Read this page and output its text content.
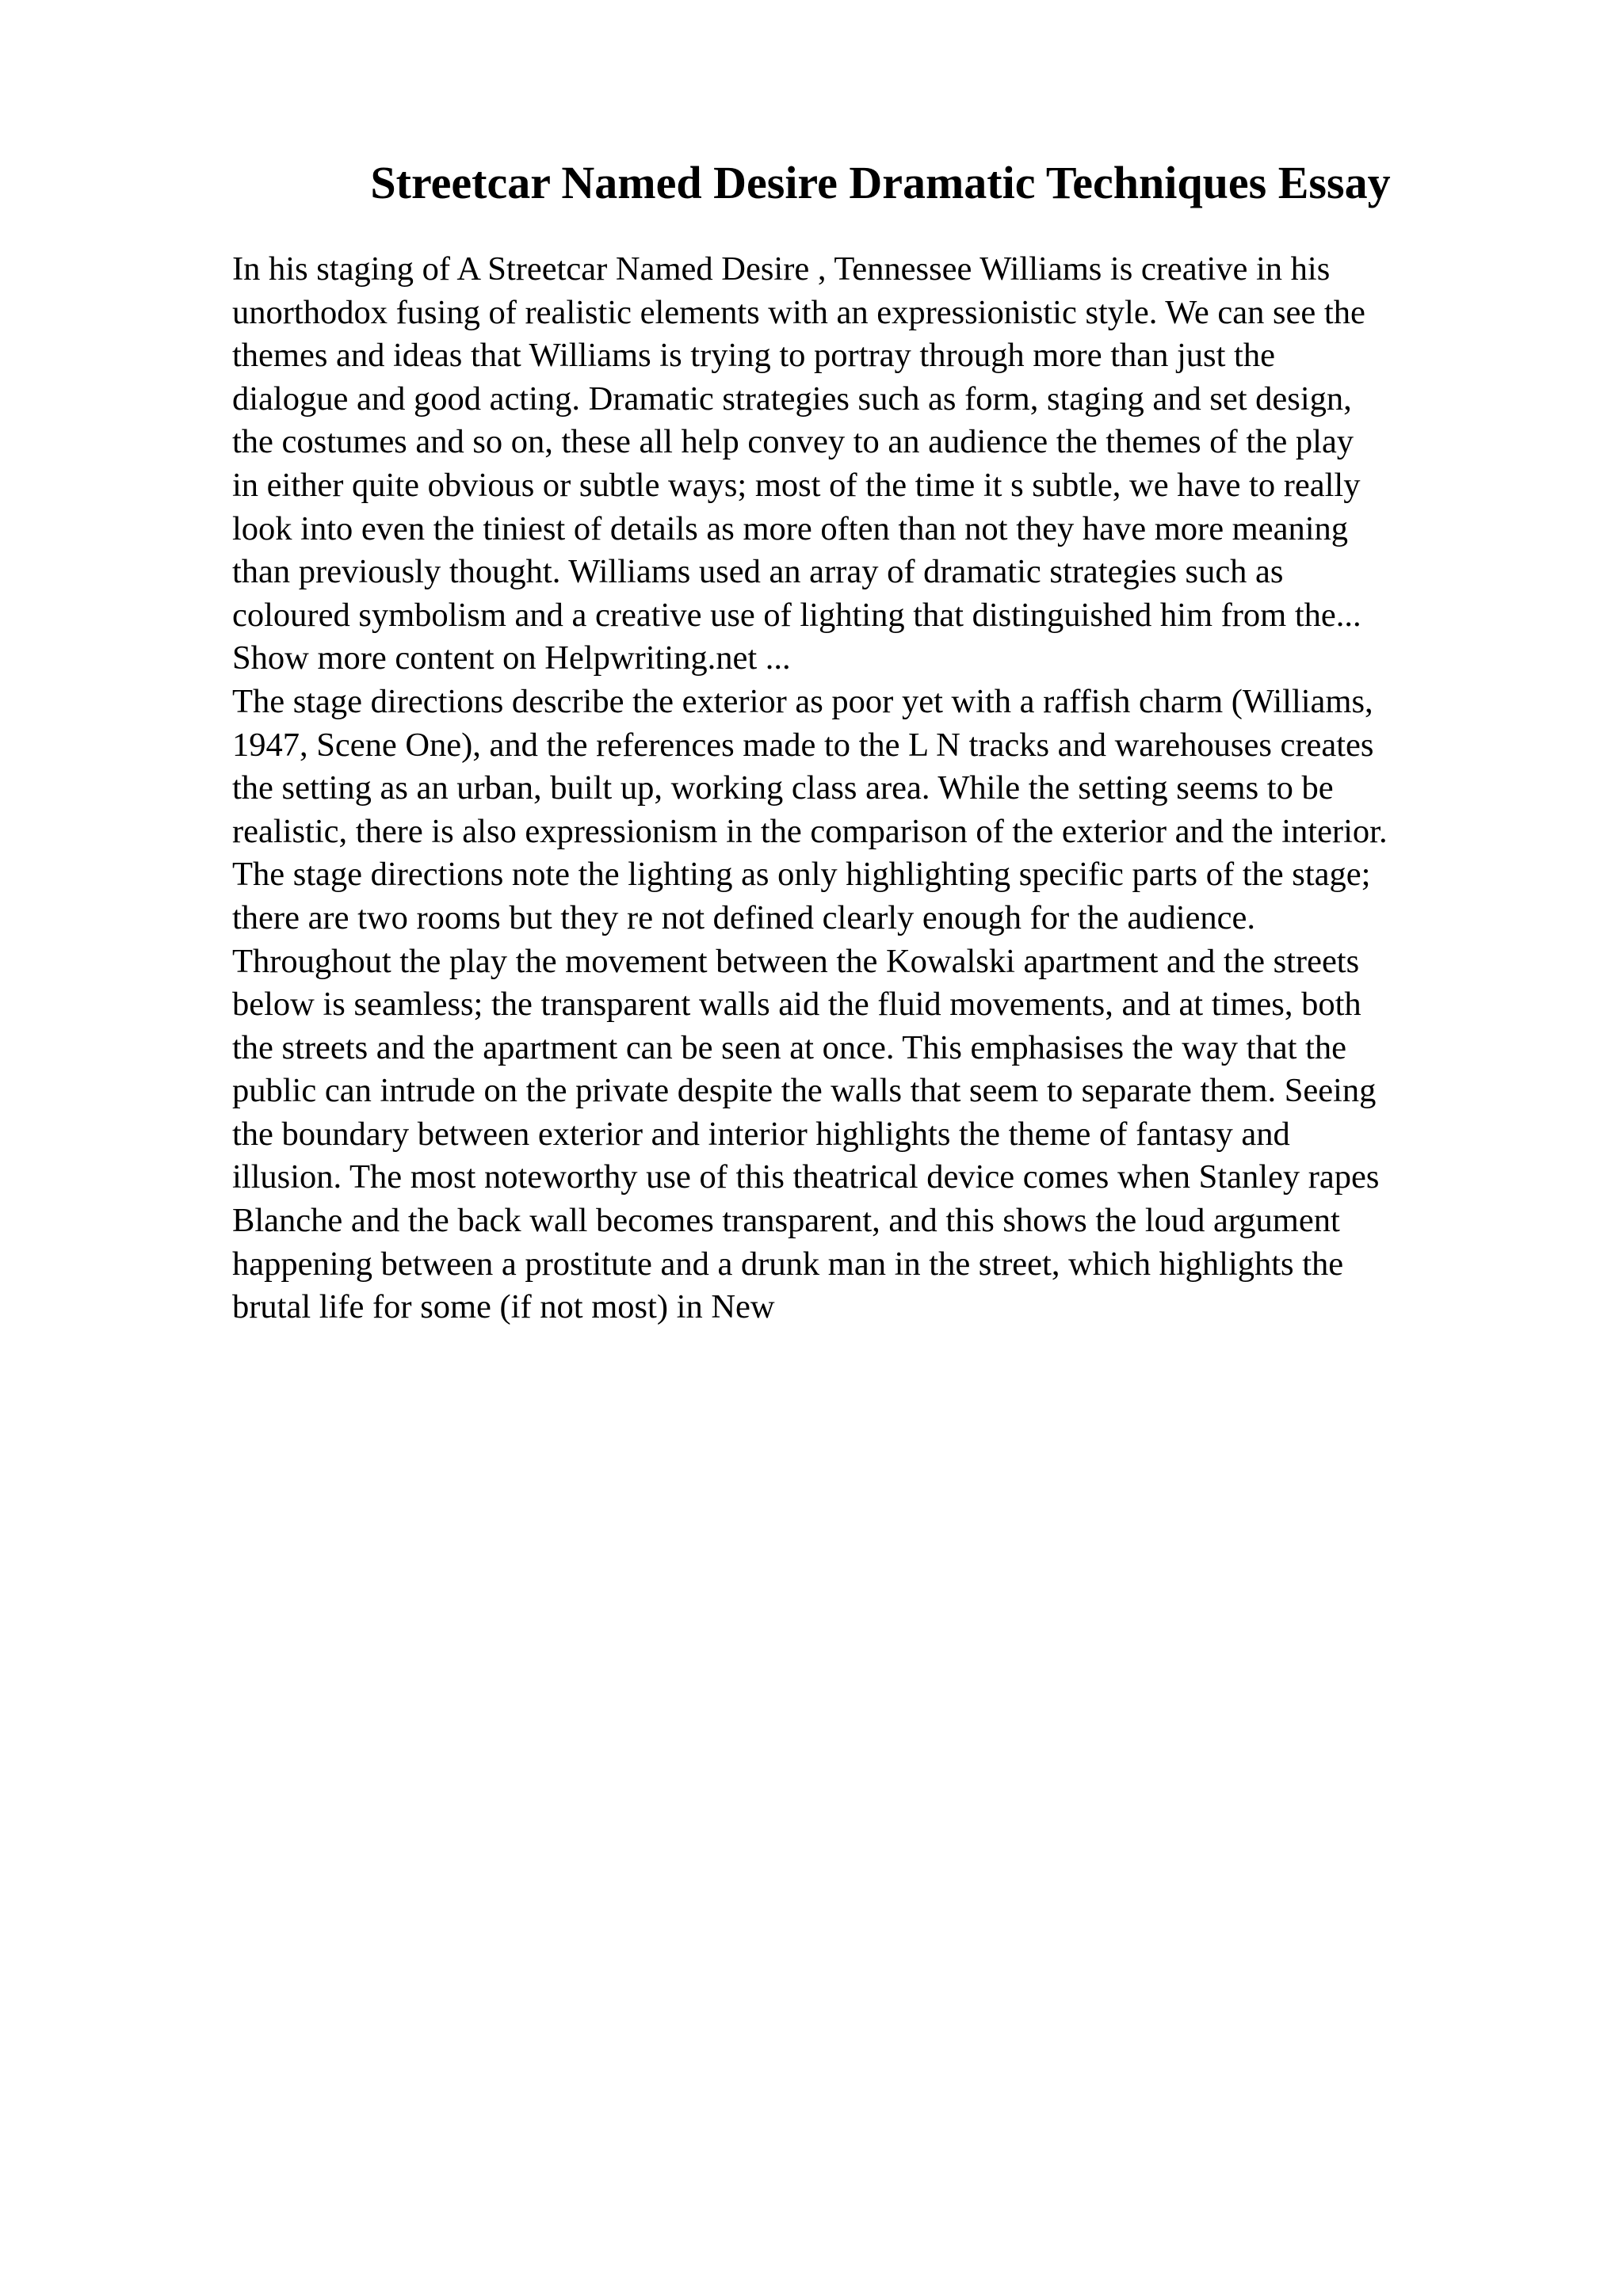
Streetcar Named Desire Dramatic Techniques Essay
In his staging of A Streetcar Named Desire , Tennessee Williams is creative in his
unorthodox fusing of realistic elements with an expressionistic style. We can see the
themes and ideas that Williams is trying to portray through more than just the
dialogue and good acting. Dramatic strategies such as form, staging and set design,
the costumes and so on, these all help convey to an audience the themes of the play
in either quite obvious or subtle ways; most of the time it s subtle, we have to really
look into even the tiniest of details as more often than not they have more meaning
than previously thought. Williams used an array of dramatic strategies such as
coloured symbolism and a creative use of lighting that distinguished him from the...
Show more content on Helpwriting.net ...
The stage directions describe the exterior as poor yet with a raffish charm (Williams,
1947, Scene One), and the references made to the L N tracks and warehouses creates
the setting as an urban, built up, working class area. While the setting seems to be
realistic, there is also expressionism in the comparison of the exterior and the interior.
The stage directions note the lighting as only highlighting specific parts of the stage;
there are two rooms but they re not defined clearly enough for the audience.
Throughout the play the movement between the Kowalski apartment and the streets
below is seamless; the transparent walls aid the fluid movements, and at times, both
the streets and the apartment can be seen at once. This emphasises the way that the
public can intrude on the private despite the walls that seem to separate them. Seeing
the boundary between exterior and interior highlights the theme of fantasy and
illusion. The most noteworthy use of this theatrical device comes when Stanley rapes
Blanche and the back wall becomes transparent, and this shows the loud argument
happening between a prostitute and a drunk man in the street, which highlights the
brutal life for some (if not most) in New
